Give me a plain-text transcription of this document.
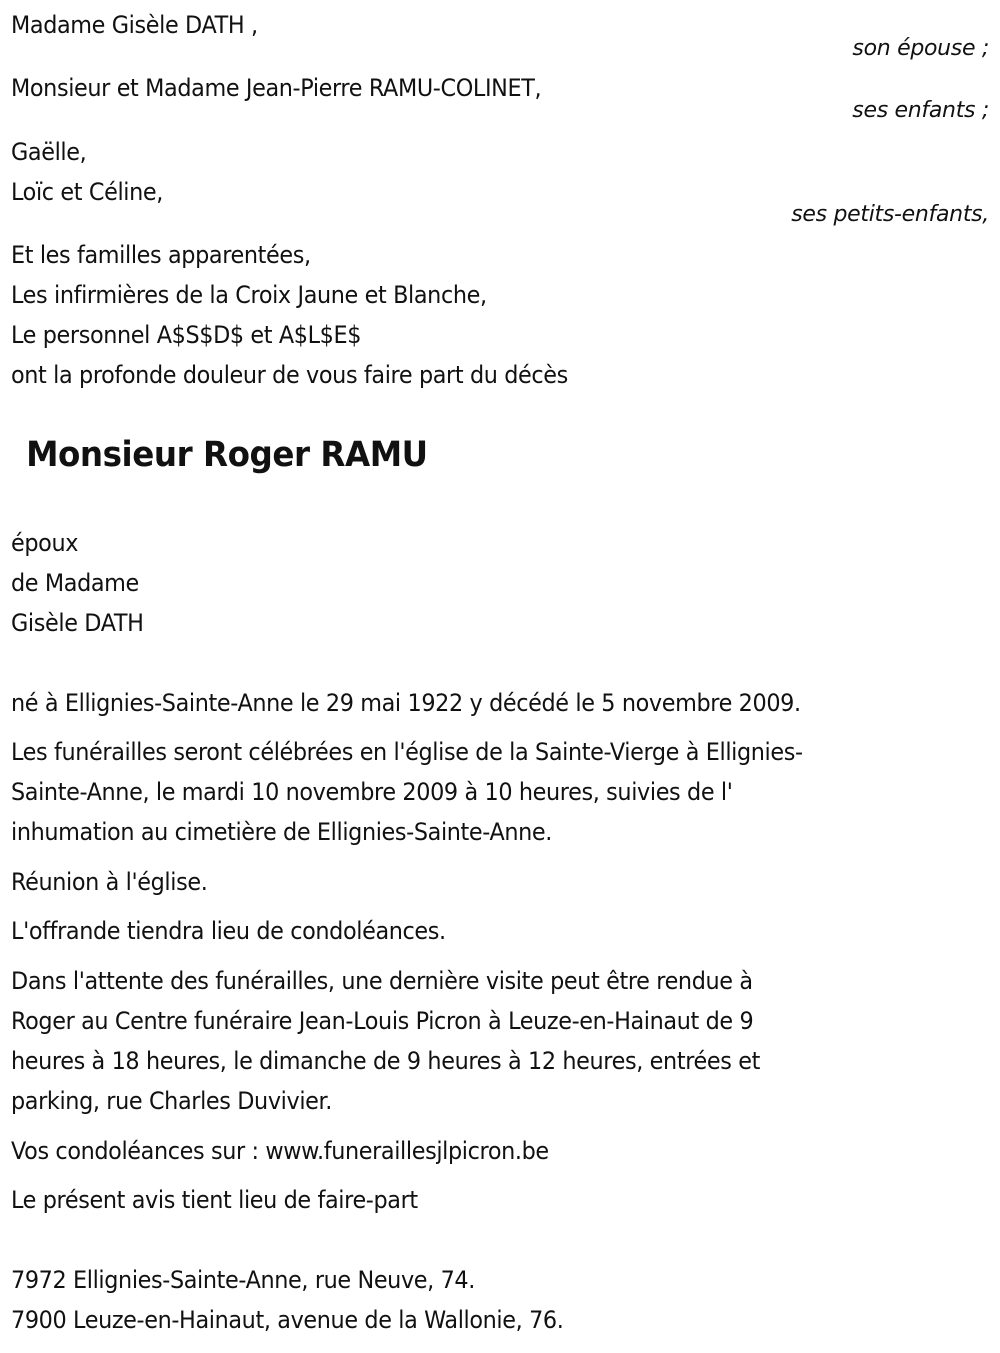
Madame Gisèle DATH ,
son épouse ;
Monsieur et Madame Jean-Pierre RAMU-COLINET,
ses enfants ;
Gaëlle,
Loïc et Céline,
ses petits-enfants,
Et les familles apparentées,
Les infirmières de la Croix Jaune et Blanche,
Le personnel A$S$D$ et A$L$E$
ont la profonde douleur de vous faire part du décès
Monsieur Roger RAMU
époux
de Madame
Gisèle DATH
né à Ellignies-Sainte-Anne le 29 mai 1922 y décédé le 5 novembre 2009.
Les funérailles seront célébrées en l'église de la Sainte-Vierge à Ellignies-
Sainte-Anne, le mardi 10 novembre 2009 à 10 heures, suivies de l'
inhumation au cimetière de Ellignies-Sainte-Anne.
Réunion à l'église.
L'offrande tiendra lieu de condoléances.
Dans l'attente des funérailles, une dernière visite peut être rendue à
Roger au Centre funéraire Jean-Louis Picron à Leuze-en-Hainaut de 9
heures à 18 heures, le dimanche de 9 heures à 12 heures, entrées et
parking, rue Charles Duvivier.
Vos condoléances sur : www.funeraillesjlpicron.be
Le présent avis tient lieu de faire-part
7972 Ellignies-Sainte-Anne, rue Neuve, 74.
7900 Leuze-en-Hainaut, avenue de la Wallonie, 76.
